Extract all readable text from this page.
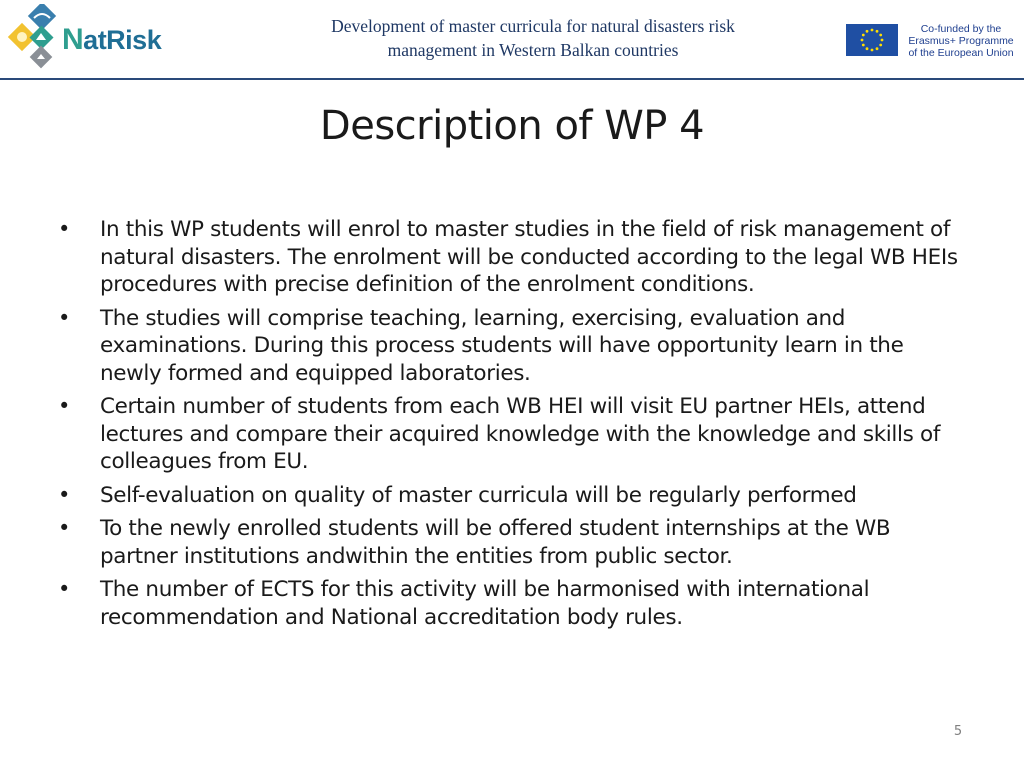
NatRisk	Development of master curricula for natural disasters risk
management in Western Balkan countries
Co-funded by the
Erasmus+ Programme
of the European Union
Description of WP 4
• In this WP students will enrol to master studies in the field of risk management of natural disasters. The enrolment will be conducted according to the legal WB HEIs procedures with precise definition of the enrolment conditions.
• The studies will comprise teaching, learning, exercising, evaluation and examinations. During this process students will have opportunity learn in the newly formed and equipped laboratories.
• Certain number of students from each WB HEI will visit EU partner HEIs, attend lectures and compare their acquired knowledge with the knowledge and skills of colleagues from EU.
• Self-evaluation on quality of master curricula will be regularly performed
• To the newly enrolled students will be offered student internships at the WB partner institutions andwithin the entities from public sector.
• The number of ECTS for this activity will be harmonised with international recommendation and National accreditation body rules.
5
